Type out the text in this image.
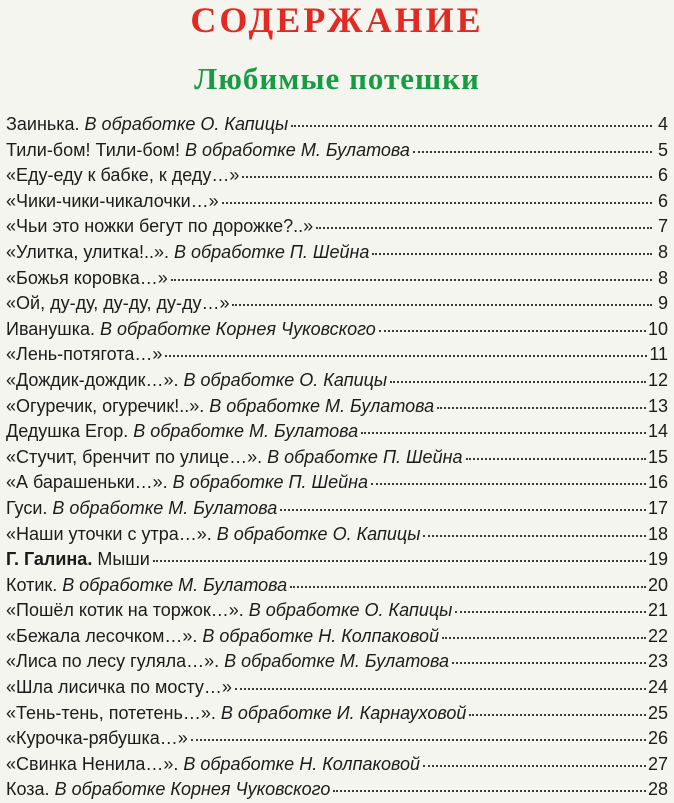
СОДЕРЖАНИЕ
Любимые потешки
Заинька. В обработке О. Капицы	4
Тили-бом! Тили-бом! В обработке М. Булатова	5
«Еду-еду к бабке, к деду…»	6
«Чики-чики-чикалочки…»	6
«Чьи это ножки бегут по дорожке?..»	7
«Улитка, улитка!..». В обработке П. Шейна	8
«Божья коровка…»	8
«Ой, ду-ду, ду-ду, ду-ду…»	9
Иванушка. В обработке Корнея Чуковского	10
«Лень-потягота…»	11
«Дождик-дождик…». В обработке О. Капицы	12
«Огуречик, огуречик!..». В обработке М. Булатова	13
Дедушка Егор. В обработке М. Булатова	14
«Стучит, бренчит по улице…». В обработке П. Шейна	15
«А барашеньки…». В обработке П. Шейна	16
Гуси. В обработке М. Булатова	17
«Наши уточки с утра…». В обработке О. Капицы	18
Г. Галина. Мыши	19
Котик. В обработке М. Булатова	20
«Пошёл котик на торжок…». В обработке О. Капицы	21
«Бежала лесочком…». В обработке Н. Колпаковой	22
«Лиса по лесу гуляла…». В обработке М. Булатова	23
«Шла лисичка по мосту…»	24
«Тень-тень, потетень…». В обработке И. Карнауховой	25
«Курочка-рябушка…»	26
«Свинка Ненила…». В обработке Н. Колпаковой	27
Коза. В обработке Корнея Чуковского	28
